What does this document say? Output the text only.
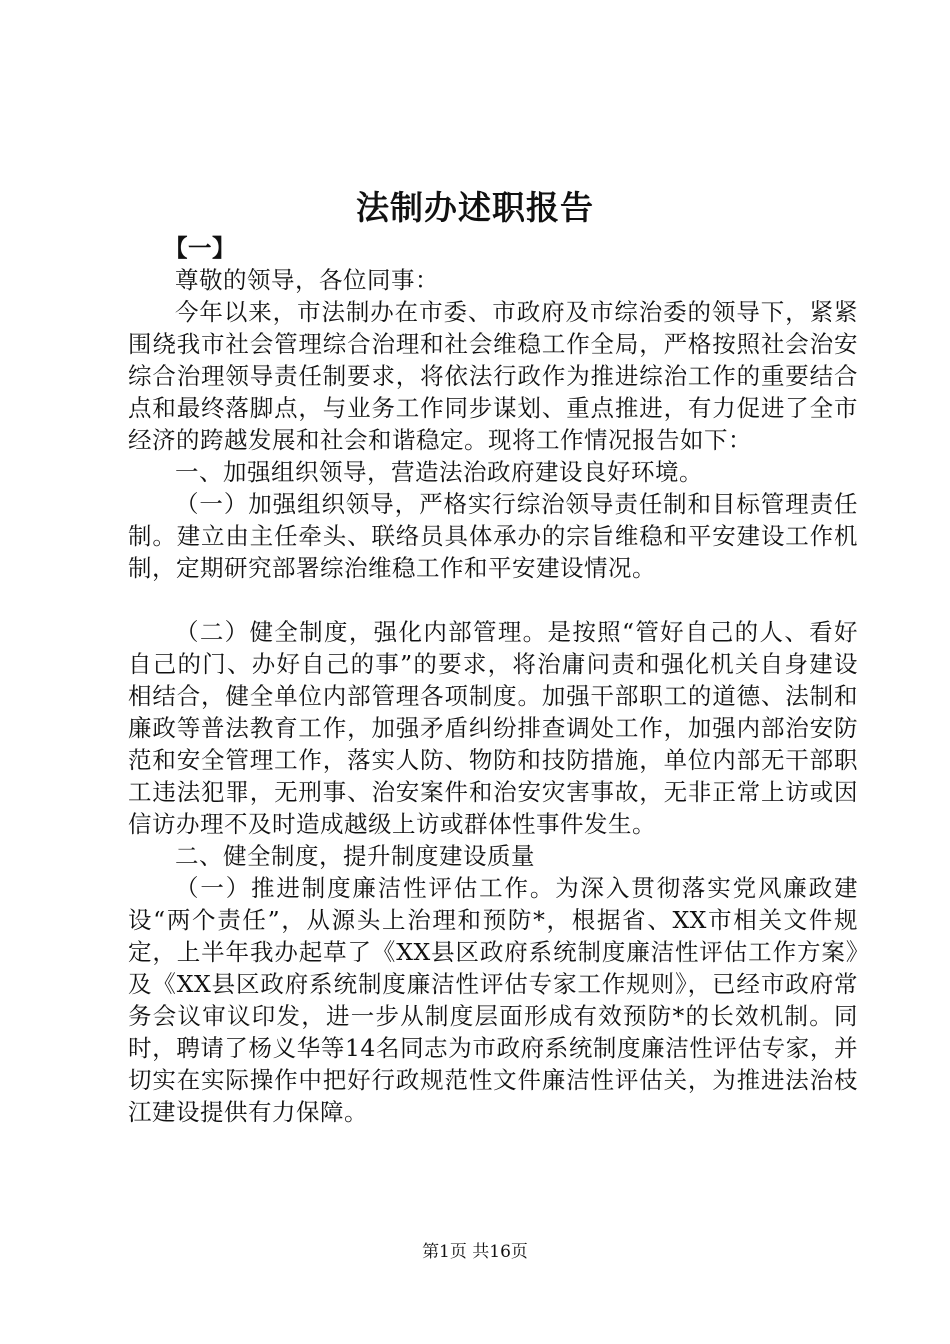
法制办述职报告

【一】

尊敬的领导，各位同事：

今年以来，市法制办在市委、市政府及市综治委的领导下，紧紧围绕我市社会管理综合治理和社会维稳工作全局，严格按照社会治安综合治理领导责任制要求，将依法行政作为推进综治工作的重要结合点和最终落脚点，与业务工作同步谋划、重点推进，有力促进了全市经济的跨越发展和社会和谐稳定。现将工作情况报告如下：

一、加强组织领导，营造法治政府建设良好环境。

（一）加强组织领导，严格实行综治领导责任制和目标管理责任制。建立由主任牵头、联络员具体承办的宗旨维稳和平安建设工作机制，定期研究部署综治维稳工作和平安建设情况。

（二）健全制度，强化内部管理。是按照“管好自己的人、看好自己的门、办好自己的事”的要求，将治庸问责和强化机关自身建设相结合，健全单位内部管理各项制度。加强干部职工的道德、法制和廉政等普法教育工作，加强矛盾纠纷排查调处工作，加强内部治安防范和安全管理工作，落实人防、物防和技防措施，单位内部无干部职工违法犯罪，无刑事、治安案件和治安灾害事故，无非正常上访或因信访办理不及时造成越级上访或群体性事件发生。

二、健全制度，提升制度建设质量

（一）推进制度廉洁性评估工作。为深入贯彻落实党风廉政建设“两个责任”，从源头上治理和预防*，根据省、XX市相关文件规定，上半年我办起草了《XX县区政府系统制度廉洁性评估工作方案》及《XX县区政府系统制度廉洁性评估专家工作规则》，已经市政府常务会议审议印发，进一步从制度层面形成有效预防*的长效机制。同时，聘请了杨义华等14名同志为市政府系统制度廉洁性评估专家，并切实在实际操作中把好行政规范性文件廉洁性评估关，为推进法治枝江建设提供有力保障。

第1页 共16页
